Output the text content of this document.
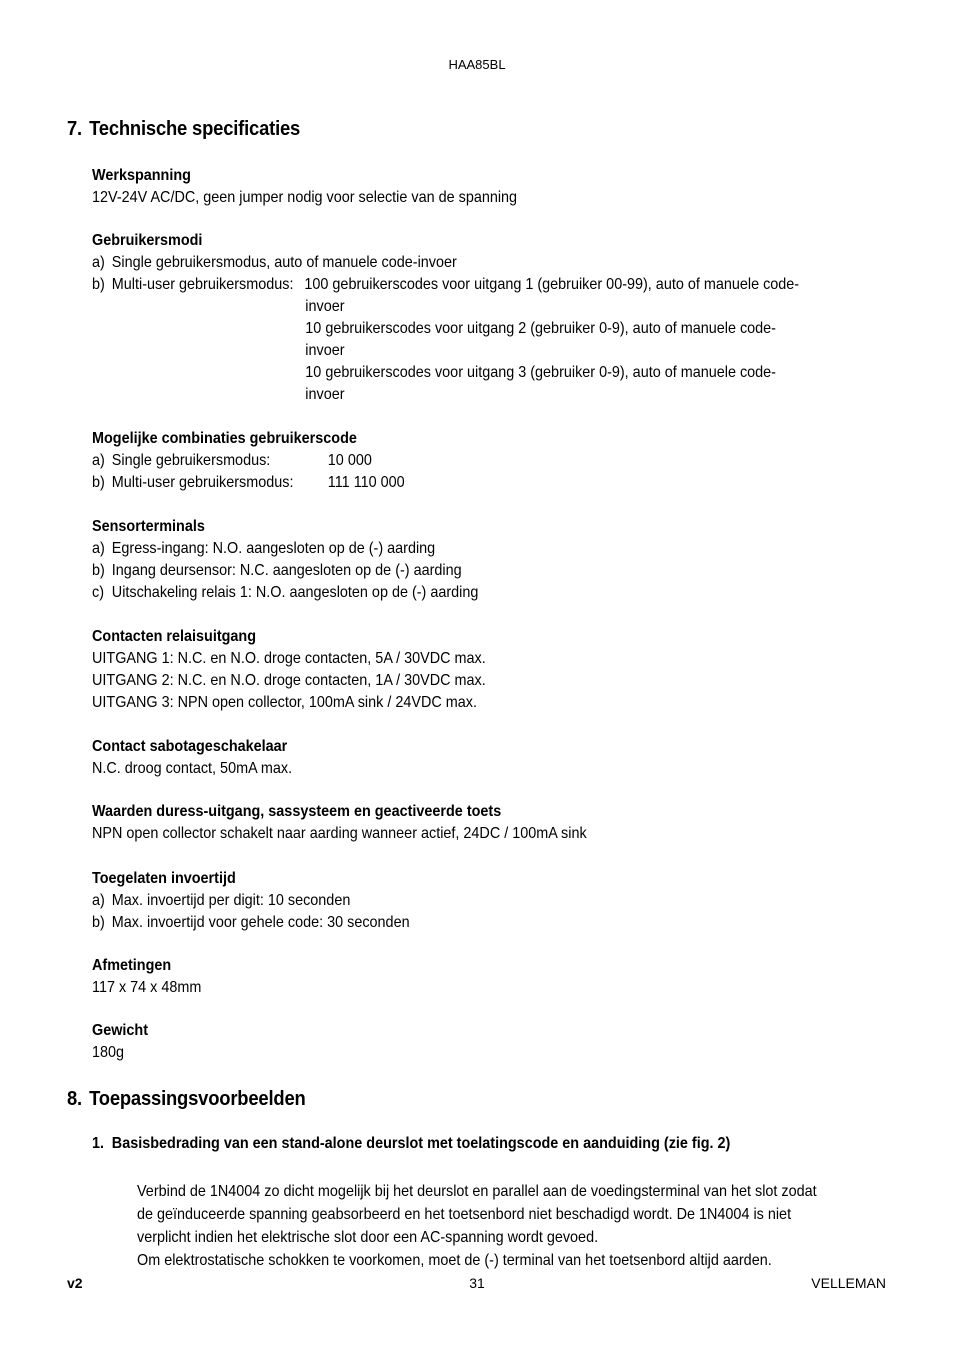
HAA85BL
7. Technische specificaties
Werkspanning
12V-24V AC/DC, geen jumper nodig voor selectie van de spanning
Gebruikersmodi
a) Single gebruikersmodus, auto of manuele code-invoer
b) Multi-user gebruikersmodus: 100 gebruikerscodes voor uitgang 1 (gebruiker 00-99), auto of manuele code-
invoer
10 gebruikerscodes voor uitgang 2 (gebruiker 0-9), auto of manuele code-
invoer
10 gebruikerscodes voor uitgang 3 (gebruiker 0-9), auto of manuele code-
invoer
Mogelijke combinaties gebruikerscode
a) Single gebruikersmodus:	10 000
b) Multi-user gebruikersmodus: 111 110 000
Sensorterminals
a) Egress-ingang: N.O. aangesloten op de (-) aarding
b) Ingang deursensor: N.C. aangesloten op de (-) aarding
c) Uitschakeling relais 1: N.O. aangesloten op de (-) aarding
Contacten relaisuitgang
UITGANG 1: N.C. en N.O. droge contacten, 5A / 30VDC max.
UITGANG 2: N.C. en N.O. droge contacten, 1A / 30VDC max.
UITGANG 3: NPN open collector, 100mA sink / 24VDC max.
Contact sabotageschakelaar
N.C. droog contact, 50mA max.
Waarden duress-uitgang, sassysteem en geactiveerde toets
NPN open collector schakelt naar aarding wanneer actief, 24DC / 100mA sink
Toegelaten invoertijd
a) Max. invoertijd per digit: 10 seconden
b) Max. invoertijd voor gehele code: 30 seconden
Afmetingen
117 x 74 x 48mm
Gewicht
180g
8. Toepassingsvoorbeelden
1. Basisbedrading van een stand-alone deurslot met toelatingscode en aanduiding (zie fig. 2)
Verbind de 1N4004 zo dicht mogelijk bij het deurslot en parallel aan de voedingsterminal van het slot zodat
de geïnduceerde spanning geabsorbeerd en het toetsenbord niet beschadigd wordt. De 1N4004 is niet
verplicht indien het elektrische slot door een AC-spanning wordt gevoed.
Om elektrostatische schokken te voorkomen, moet de (-) terminal van het toetsenbord altijd aarden.
v2	31	VELLEMAN
